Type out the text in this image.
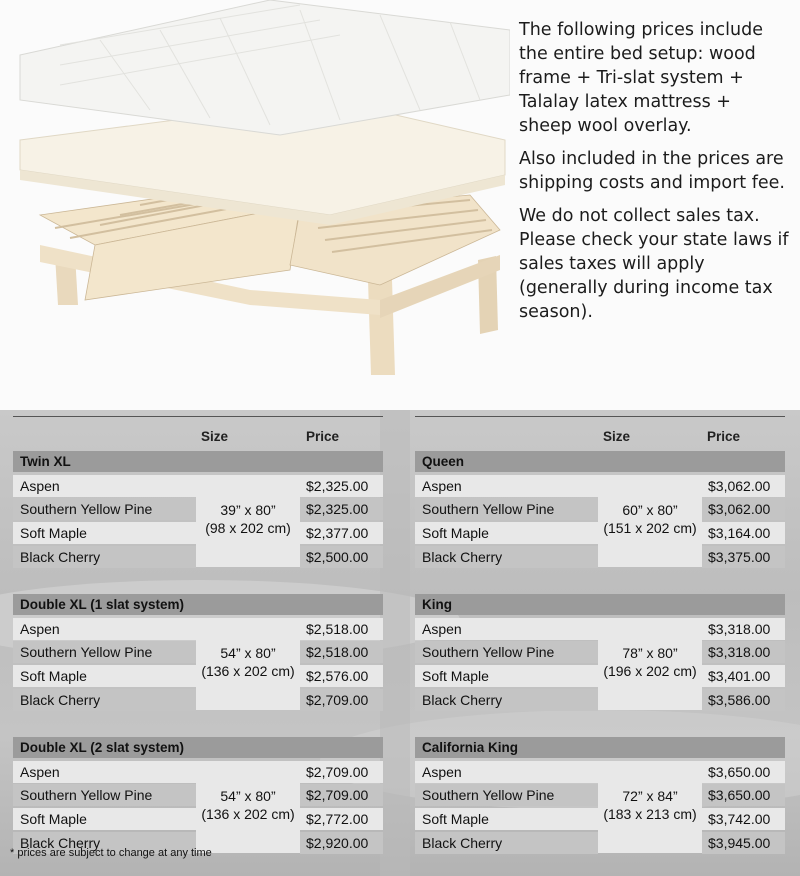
The following prices include the entire bed setup: wood frame + Tri-slat system + Talalay latex mattress + sheep wool overlay.

Also included in the prices are shipping costs and import fee.

We do not collect sales tax. Please check your state laws if sales taxes will apply (generally during income tax season).

Size	Price
Twin XL
Aspen	$2,325.00
Southern Yellow Pine	$2,325.00
Soft Maple	$2,377.00
Black Cherry	$2,500.00
39” x 80”
(98 x 202 cm)
Double XL (1 slat system)
Aspen	$2,518.00
Southern Yellow Pine	$2,518.00
Soft Maple	$2,576.00
Black Cherry	$2,709.00
54” x 80”
(136 x 202 cm)
Double XL (2 slat system)
Aspen	$2,709.00
Southern Yellow Pine	$2,709.00
Soft Maple	$2,772.00
Black Cherry	$2,920.00
54” x 80”
(136 x 202 cm)
Size	Price
Queen
Aspen	$3,062.00
Southern Yellow Pine	$3,062.00
Soft Maple	$3,164.00
Black Cherry	$3,375.00
60” x 80”
(151 x 202 cm)
King
Aspen	$3,318.00
Southern Yellow Pine	$3,318.00
Soft Maple	$3,401.00
Black Cherry	$3,586.00
78” x 80”
(196 x 202 cm)
California King
Aspen	$3,650.00
Southern Yellow Pine	$3,650.00
Soft Maple	$3,742.00
Black Cherry	$3,945.00
72” x 84”
(183 x 213 cm)
* prices are subject to change at any time
